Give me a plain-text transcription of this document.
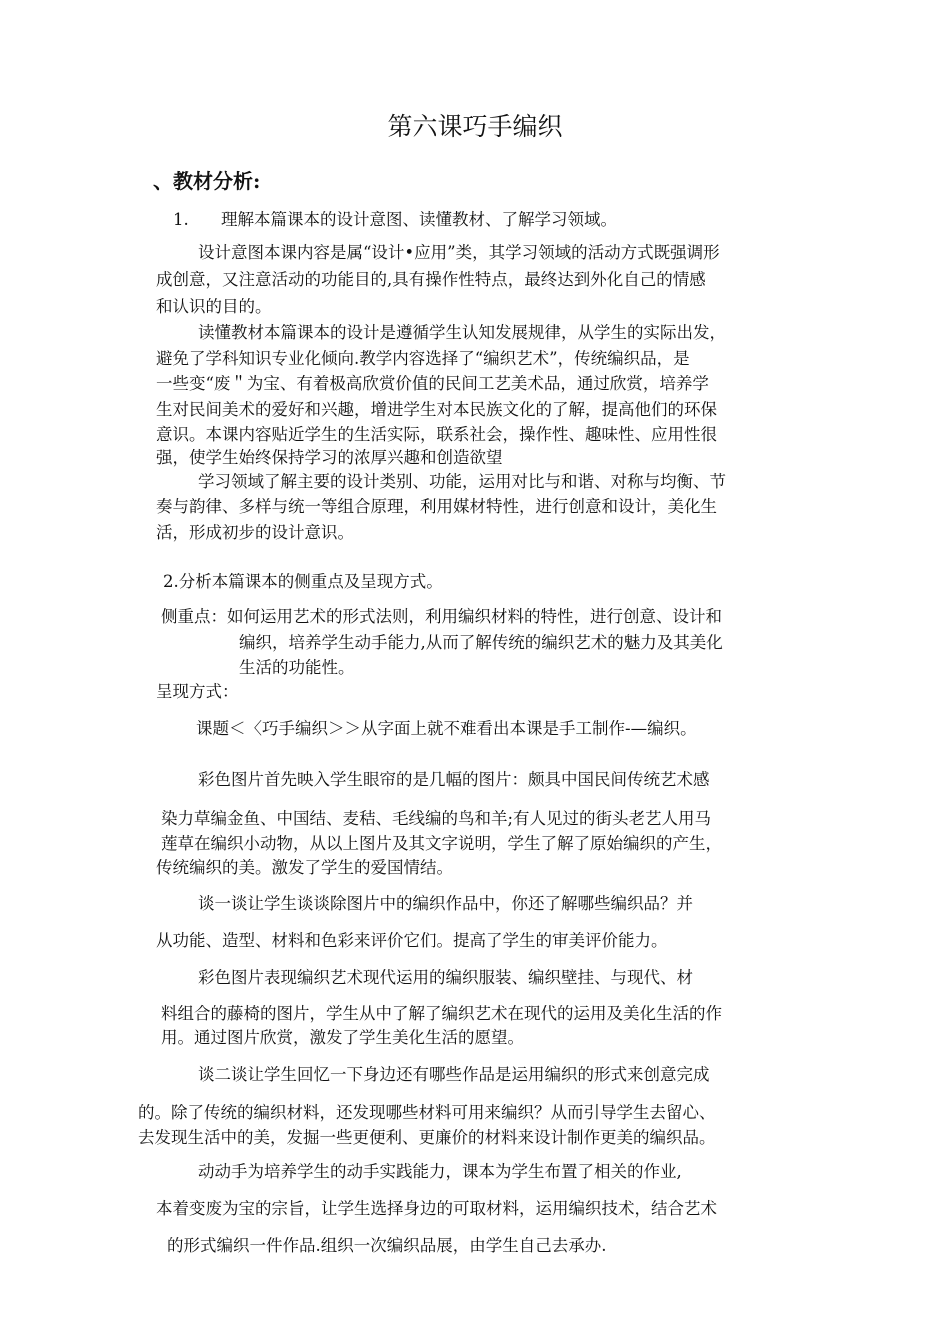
第六课巧手编织
、教材分析:
1. 理解本篇课本的设计意图、读懂教材、了解学习领域。
设计意图本课内容是属“设计•应用”类，其学习领域的活动方式既强调形
成创意，又注意活动的功能目的,具有操作性特点，最终达到外化自己的情感
和认识的目的。
读懂教材本篇课本的设计是遵循学生认知发展规律，从学生的实际出发，
避免了学科知识专业化倾向.教学内容选择了“编织艺术”，传统编织品，是
一些变“废＂为宝、有着极高欣赏价值的民间工艺美术品，通过欣赏，培养学
生对民间美术的爱好和兴趣，增进学生对本民族文化的了解，提高他们的环保
意识。本课内容贴近学生的生活实际，联系社会，操作性、趣味性、应用性很
强，使学生始终保持学习的浓厚兴趣和创造欲望
学习领域了解主要的设计类别、功能，运用对比与和谐、对称与均衡、节
奏与韵律、多样与统一等组合原理，利用媒材特性，进行创意和设计，美化生
活，形成初步的设计意识。
2.分析本篇课本的侧重点及呈现方式。
侧重点：如何运用艺术的形式法则，利用编织材料的特性，进行创意、设计和
编织，培养学生动手能力,从而了解传统的编织艺术的魅力及其美化
生活的功能性。
呈现方式：
课题＜〈巧手编织＞＞从字面上就不难看出本课是手工制作-—编织。
彩色图片首先映入学生眼帘的是几幅的图片：颇具中国民间传统艺术感
染力草编金鱼、中国结、麦秸、毛线编的鸟和羊;有人见过的街头老艺人用马
莲草在编织小动物，从以上图片及其文字说明，学生了解了原始编织的产生，
传统编织的美。激发了学生的爱国情结。
谈一谈让学生谈谈除图片中的编织作品中，你还了解哪些编织品？并
从功能、造型、材料和色彩来评价它们。提高了学生的审美评价能力。
彩色图片表现编织艺术现代运用的编织服装、编织壁挂、与现代、材
料组合的藤椅的图片，学生从中了解了编织艺术在现代的运用及美化生活的作
用。通过图片欣赏，激发了学生美化生活的愿望。
谈二谈让学生回忆一下身边还有哪些作品是运用编织的形式来创意完成
的。除了传统的编织材料，还发现哪些材料可用来编织？从而引导学生去留心、
去发现生活中的美，发掘一些更便利、更廉价的材料来设计制作更美的编织品。
动动手为培养学生的动手实践能力，课本为学生布置了相关的作业,
本着变废为宝的宗旨，让学生选择身边的可取材料，运用编织技术，结合艺术
的形式编织一件作品.组织一次编织品展，由学生自己去承办.
